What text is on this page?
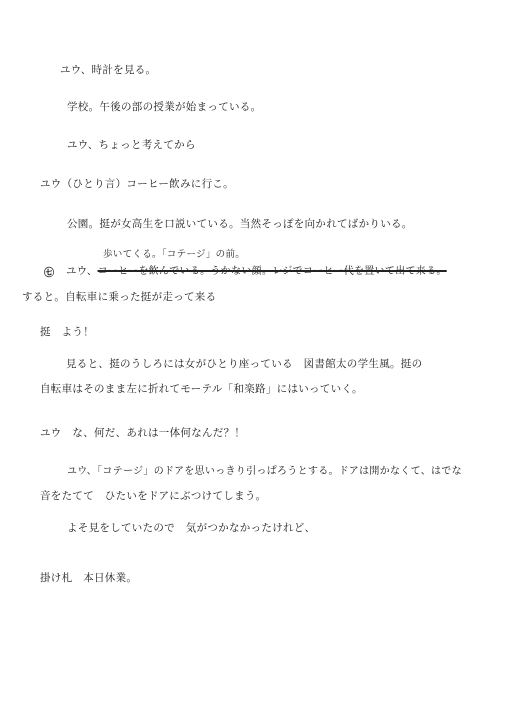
ユウ、時計を見る。
学校。午後の部の授業が始まっている。
ユウ、ちょっと考えてから
ユウ（ひとり言）コーヒー飲みに行こ。
公園。挺が女高生を口説いている。当然そっぽを向かれてばかりいる。
歩いてくる。「コテージ」の前。
㊆ ユウ、コーヒーを飲んでいる。うかない顔。レジでコーヒー代を置いて出て来る。
すると。自転車に乗った挺が走って来る
挺　よう！
見ると、挺のうしろには女がひとり座っている　図書館太の学生風。挺の
自転車はそのまま左に折れてモーテル「和楽路」にはいっていく。
ユウ　な、何だ、あれは一体何なんだ？！
ユウ、「コテージ」のドアを思いっきり引っぱろうとする。ドアは開かなくて、はでな
音をたてて　ひたいをドアにぶつけてしまう。
よそ見をしていたので　気がつかなかったけれど、
掛け札　本日休業。
